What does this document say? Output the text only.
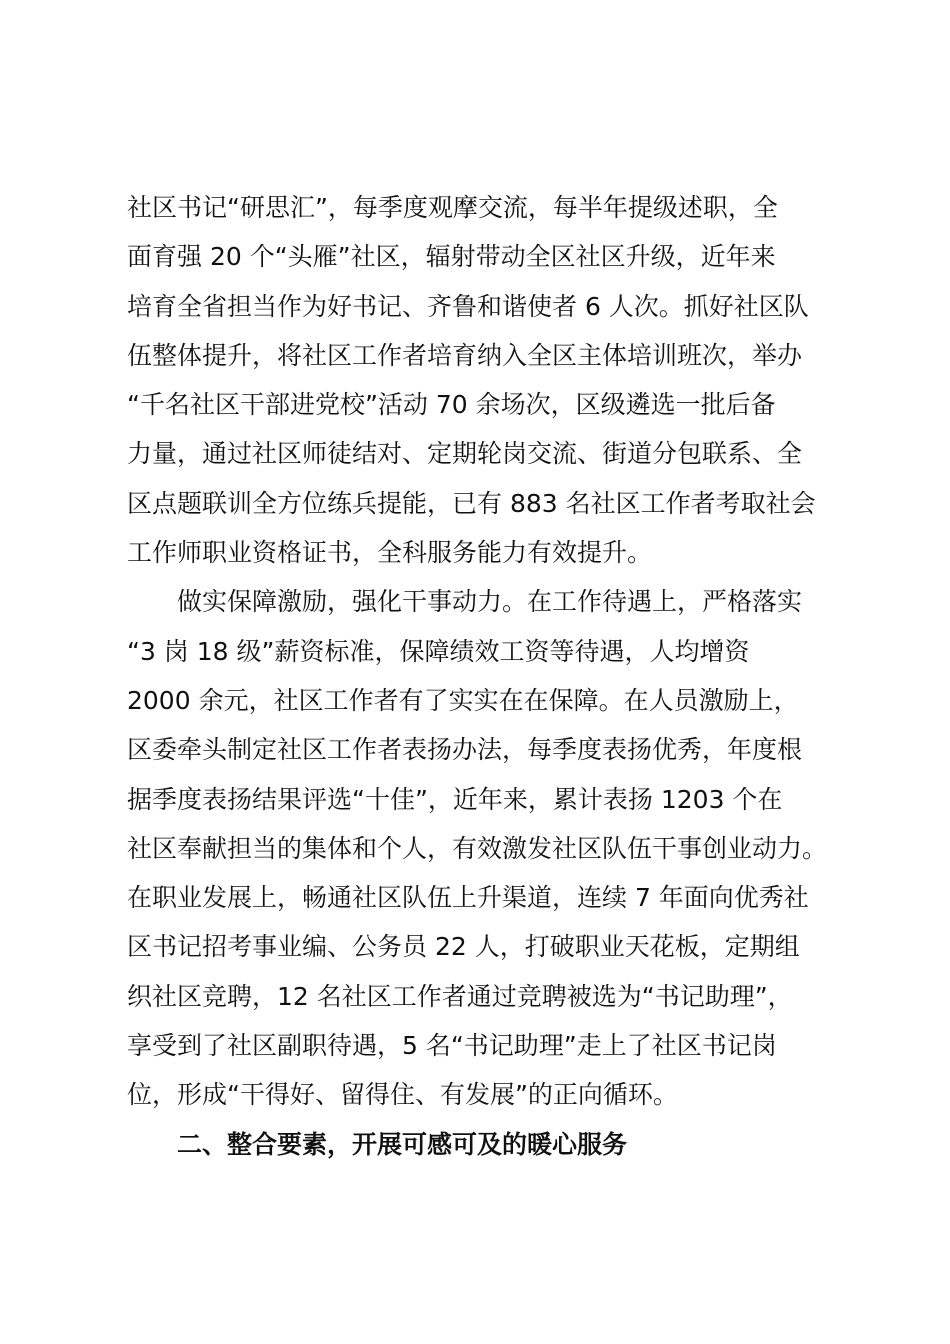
社区书记“研思汇”，每季度观摩交流，每半年提级述职，全
面育强 20 个“头雁”社区，辐射带动全区社区升级，近年来
培育全省担当作为好书记、齐鲁和谐使者 6 人次。抓好社区队
伍整体提升，将社区工作者培育纳入全区主体培训班次，举办
“千名社区干部进党校”活动 70 余场次，区级遴选一批后备
力量，通过社区师徒结对、定期轮岗交流、街道分包联系、全
区点题联训全方位练兵提能，已有 883 名社区工作者考取社会
工作师职业资格证书，全科服务能力有效提升。
做实保障激励，强化干事动力。在工作待遇上，严格落实
“3 岗 18 级”薪资标准，保障绩效工资等待遇，人均增资
2000 余元，社区工作者有了实实在在保障。在人员激励上，
区委牵头制定社区工作者表扬办法，每季度表扬优秀，年度根
据季度表扬结果评选“十佳”，近年来，累计表扬 1203 个在
社区奉献担当的集体和个人，有效激发社区队伍干事创业动力。
在职业发展上，畅通社区队伍上升渠道，连续 7 年面向优秀社
区书记招考事业编、公务员 22 人，打破职业天花板，定期组
织社区竞聘，12 名社区工作者通过竞聘被选为“书记助理”，
享受到了社区副职待遇，5 名“书记助理”走上了社区书记岗
位，形成“干得好、留得住、有发展”的正向循环。
二、整合要素，开展可感可及的暖心服务
